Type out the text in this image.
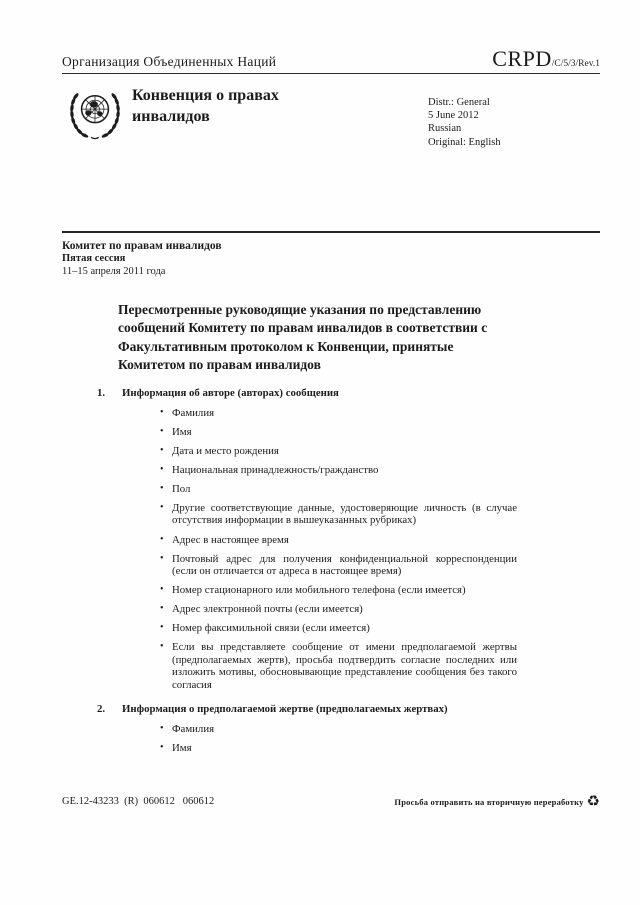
Организация Объединенных Наций	CRPD/C/5/3/Rev.1
Конвенция о правах инвалидов
Distr.: General
5 June 2012
Russian
Original: English
Комитет по правам инвалидов
Пятая сессия
11–15 апреля 2011 года
Пересмотренные руководящие указания по представлению сообщений Комитету по правам инвалидов в соответствии с Факультативным протоколом к Конвенции, принятые Комитетом по правам инвалидов
1.	Информация об авторе (авторах) сообщения
• Фамилия
• Имя
• Дата и место рождения
• Национальная принадлежность/гражданство
• Пол
• Другие соответствующие данные, удостоверяющие личность (в случае отсутствия информации в вышеуказанных рубриках)
• Адрес в настоящее время
• Почтовый адрес для получения конфиденциальной корреспонденции (если он отличается от адреса в настоящее время)
• Номер стационарного или мобильного телефона (если имеется)
• Адрес электронной почты (если имеется)
• Номер факсимильной связи (если имеется)
• Если вы представляете сообщение от имени предполагаемой жертвы (предполагаемых жертв), просьба подтвердить согласие последних или изложить мотивы, обосновывающие представление сообщения без такого согласия
2.	Информация о предполагаемой жертве (предполагаемых жертвах)
• Фамилия
• Имя
GE.12-43233  (R)  060612   060612	Просьба отправить на вторичную переработку ♻
